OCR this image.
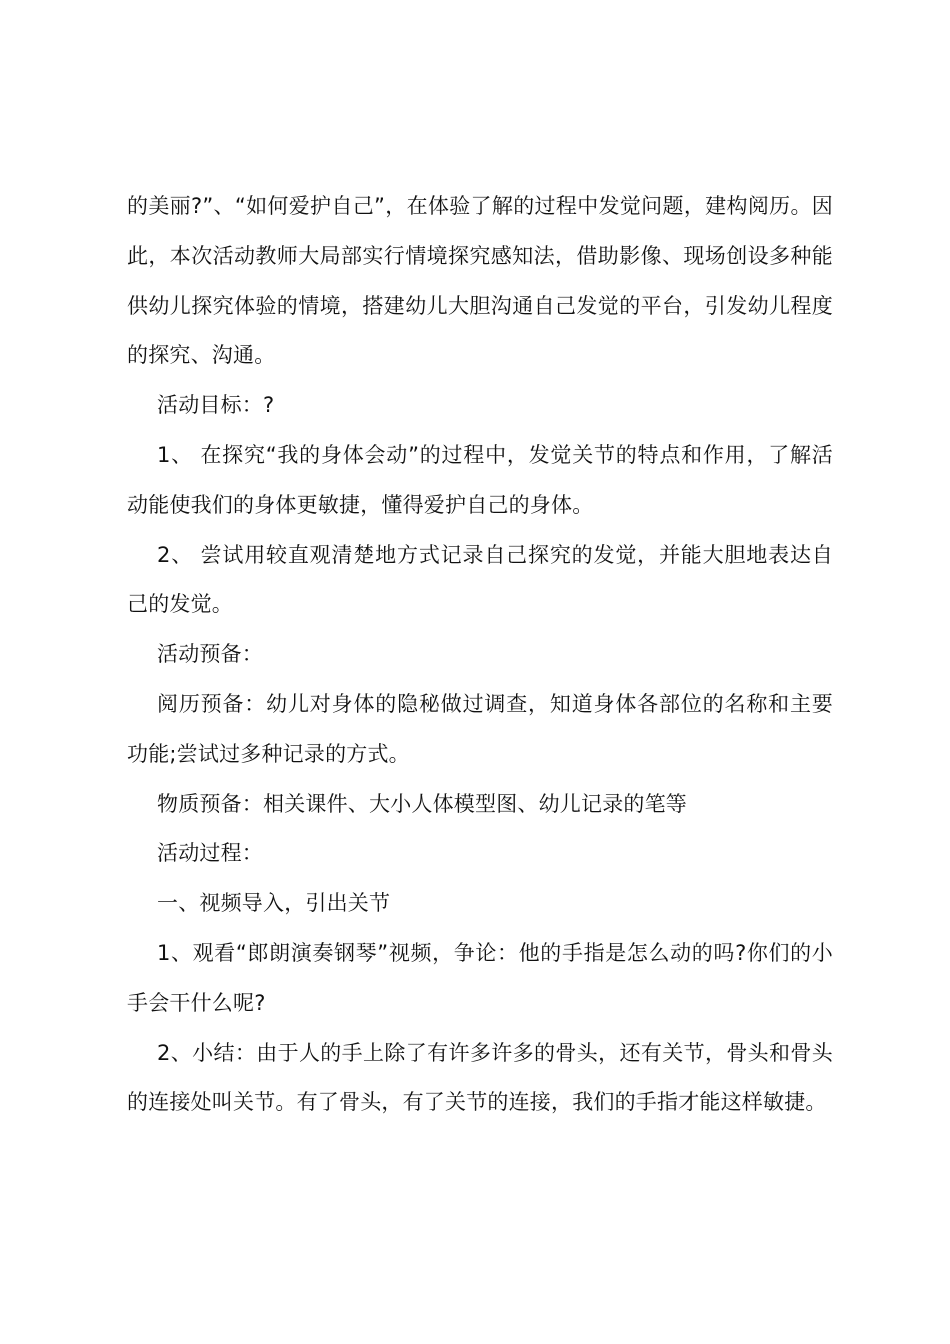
的美丽?”、“如何爱护自己”，在体验了解的过程中发觉问题，建构阅历。因此，本次活动教师大局部实行情境探究感知法，借助影像、现场创设多种能供幼儿探究体验的情境，搭建幼儿大胆沟通自己发觉的平台，引发幼儿程度的探究、沟通。

活动目标：?

1、 在探究“我的身体会动”的过程中，发觉关节的特点和作用，了解活动能使我们的身体更敏捷，懂得爱护自己的身体。

2、 尝试用较直观清楚地方式记录自己探究的发觉，并能大胆地表达自己的发觉。

活动预备：

阅历预备：幼儿对身体的隐秘做过调查，知道身体各部位的名称和主要功能;尝试过多种记录的方式。

物质预备：相关课件、大小人体模型图、幼儿记录的笔等

活动过程：

一、视频导入，引出关节

1、观看“郎朗演奏钢琴”视频，争论：他的手指是怎么动的吗?你们的小手会干什么呢?

2、小结：由于人的手上除了有许多许多的骨头，还有关节，骨头和骨头的连接处叫关节。有了骨头，有了关节的连接，我们的手指才能这样敏捷。
